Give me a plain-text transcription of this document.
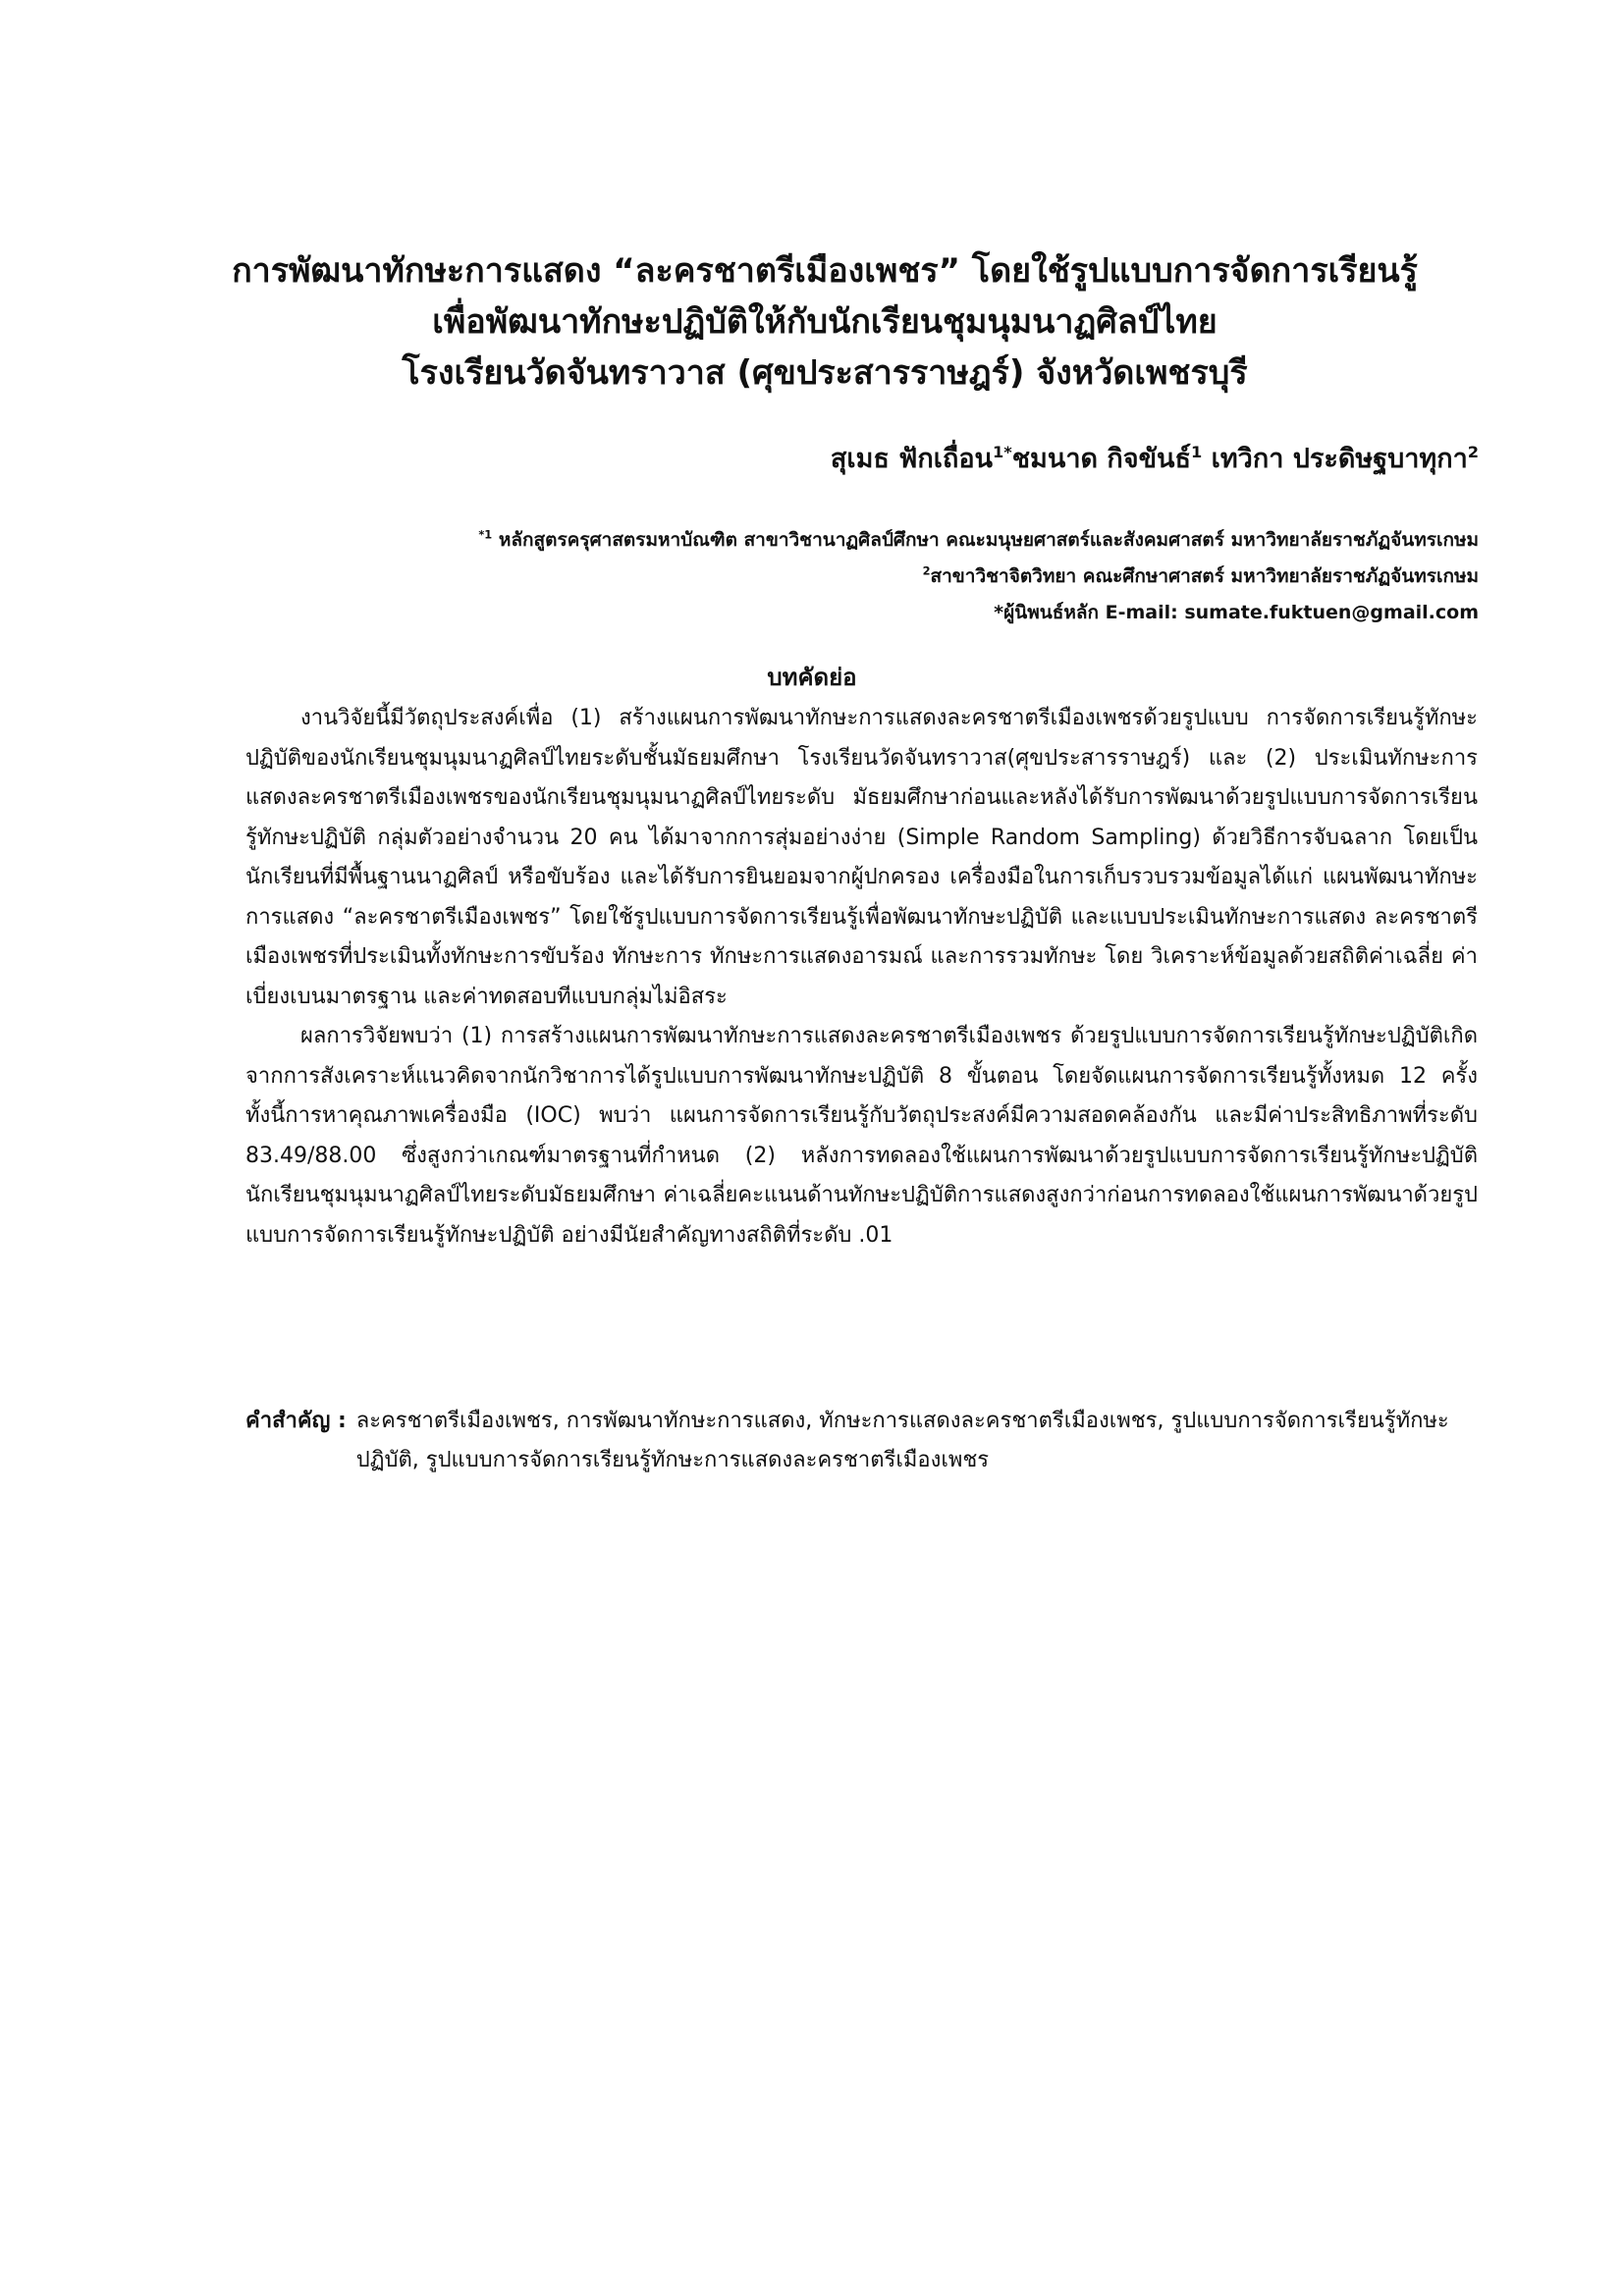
การพัฒนาทักษะการแสดง “ละครชาตรีเมืองเพชร” โดยใช้รูปแบบการจัดการเรียนรู้
เพื่อพัฒนาทักษะปฏิบัติให้กับนักเรียนชุมนุมนาฏศิลป์ไทย
โรงเรียนวัดจันทราวาส (ศุขประสารราษฎร์) จังหวัดเพชรบุรี
สุเมธ ฟักเถื่อน$^{1*}$ชมนาด กิจขันธ์$^1$ เทวิกา ประดิษฐบาทุกา$^2$
$^{*1}$ หลักสูตรครุศาสตรมหาบัณฑิต สาขาวิชานาฏศิลป์ศึกษา คณะมนุษยศาสตร์และสังคมศาสตร์ มหาวิทยาลัยราชภัฏจันทรเกษม
$^2$สาขาวิชาจิตวิทยา คณะศึกษาศาสตร์ มหาวิทยาลัยราชภัฏจันทรเกษม
*ผู้นิพนธ์หลัก E-mail: sumate.fuktuen@gmail.com
บทคัดย่อ

งานวิจัยนี้มีวัตถุประสงค์เพื่อ (1) สร้างแผนการพัฒนาทักษะการแสดงละครชาตรีเมืองเพชรด้วยรูปแบบ การจัดการเรียนรู้ทักษะปฏิบัติของนักเรียนชุมนุมนาฏศิลป์ไทยระดับชั้นมัธยมศึกษา โรงเรียนวัดจันทราวาส(ศุขประสารราษฎร์) และ (2) ประเมินทักษะการแสดงละครชาตรีเมืองเพชรของนักเรียนชุมนุมนาฏศิลป์ไทยระดับ มัธยมศึกษาก่อนและหลังได้รับการพัฒนาด้วยรูปแบบการจัดการเรียนรู้ทักษะปฏิบัติ กลุ่มตัวอย่างจำนวน 20 คน ได้มาจากการสุ่มอย่างง่าย (Simple Random Sampling) ด้วยวิธีการจับฉลาก โดยเป็นนักเรียนที่มีพื้นฐานนาฏศิลป์ หรือขับร้อง และได้รับการยินยอมจากผู้ปกครอง เครื่องมือในการเก็บรวบรวมข้อมูลได้แก่ แผนพัฒนาทักษะการแสดง “ละครชาตรีเมืองเพชร” โดยใช้รูปแบบการจัดการเรียนรู้เพื่อพัฒนาทักษะปฏิบัติ และแบบประเมินทักษะการแสดง ละครชาตรีเมืองเพชรที่ประเมินทั้งทักษะการขับร้อง ทักษะการ ทักษะการแสดงอารมณ์ และการรวมทักษะ โดย วิเคราะห์ข้อมูลด้วยสถิติค่าเฉลี่ย ค่าเบี่ยงเบนมาตรฐาน และค่าทดสอบทีแบบกลุ่มไม่อิสระ

ผลการวิจัยพบว่า (1) การสร้างแผนการพัฒนาทักษะการแสดงละครชาตรีเมืองเพชร ด้วยรูปแบบการจัดการเรียนรู้ทักษะปฏิบัติเกิดจากการสังเคราะห์แนวคิดจากนักวิชาการได้รูปแบบการพัฒนาทักษะปฏิบัติ 8 ขั้นตอน โดยจัดแผนการจัดการเรียนรู้ทั้งหมด 12 ครั้ง ทั้งนี้การหาคุณภาพเครื่องมือ (IOC) พบว่า แผนการจัดการเรียนรู้กับวัตถุประสงค์มีความสอดคล้องกัน และมีค่าประสิทธิภาพที่ระดับ 83.49/88.00 ซึ่งสูงกว่าเกณฑ์มาตรฐานที่กำหนด (2) หลังการทดลองใช้แผนการพัฒนาด้วยรูปแบบการจัดการเรียนรู้ทักษะปฏิบัตินักเรียนชุมนุมนาฏศิลป์ไทยระดับมัธยมศึกษา ค่าเฉลี่ยคะแนนด้านทักษะปฏิบัติการแสดงสูงกว่าก่อนการทดลองใช้แผนการพัฒนาด้วยรูปแบบการจัดการเรียนรู้ทักษะปฏิบัติ อย่างมีนัยสำคัญทางสถิติที่ระดับ .01

คำสำคัญ : ละครชาตรีเมืองเพชร, การพัฒนาทักษะการแสดง, ทักษะการแสดงละครชาตรีเมืองเพชร, รูปแบบการจัดการเรียนรู้ทักษะปฏิบัติ, รูปแบบการจัดการเรียนรู้ทักษะการแสดงละครชาตรีเมืองเพชร
